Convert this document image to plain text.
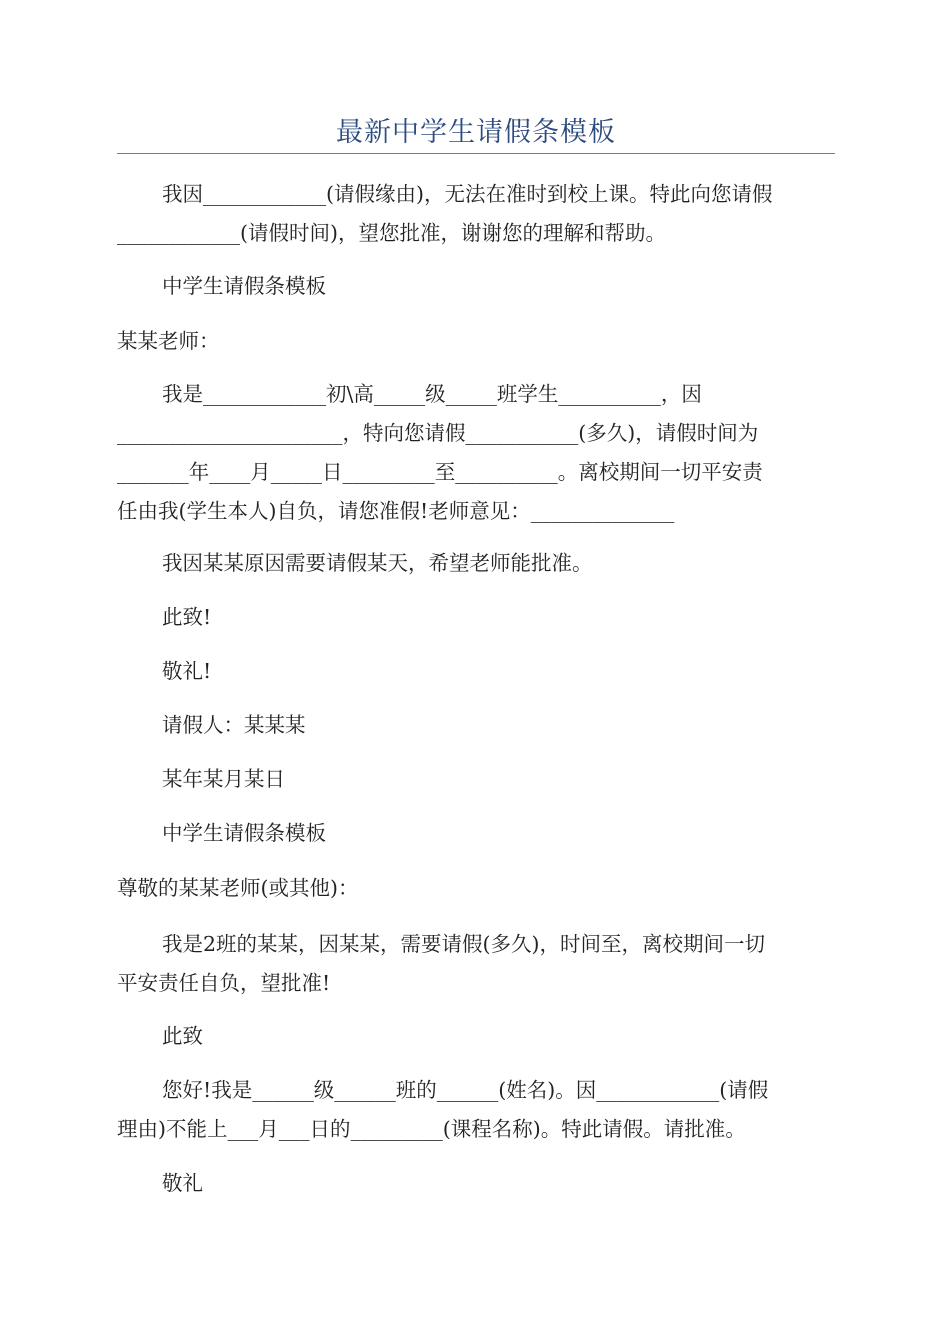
最新中学生请假条模板
我因____________(请假缘由)，无法在准时到校上课。特此向您请假
____________(请假时间)，望您批准，谢谢您的理解和帮助。
中学生请假条模板
某某老师：
我是____________初\高_____级_____班学生__________，因
______________________，特向您请假___________(多久)，请假时间为
_______年____月_____日_________至__________。离校期间一切平安责
任由我(学生本人)自负，请您准假!老师意见：______________
我因某某原因需要请假某天，希望老师能批准。
此致!
敬礼!
请假人：某某某
某年某月某日
中学生请假条模板
尊敬的某某老师(或其他)：
我是2班的某某，因某某，需要请假(多久)，时间至，离校期间一切
平安责任自负，望批准!
此致
您好!我是______级______班的______(姓名)。因____________(请假
理由)不能上___月___日的_________(课程名称)。特此请假。请批准。
敬礼
